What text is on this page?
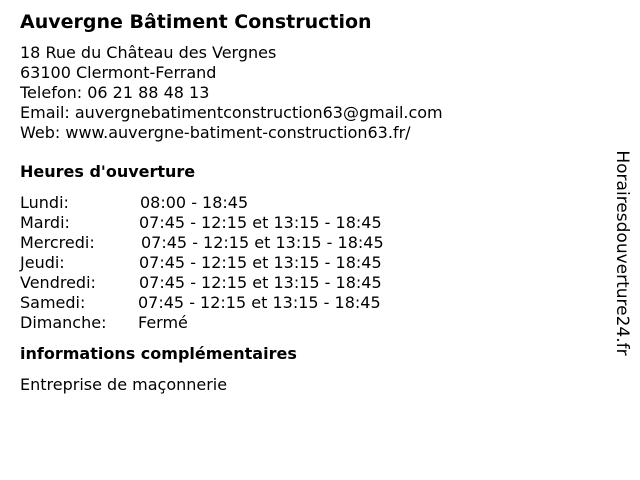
Auvergne Bâtiment Construction
18 Rue du Château des Vergnes
63100 Clermont-Ferrand
Telefon: 06 21 88 48 13
Email: auvergnebatimentconstruction63@gmail.com
Web: www.auvergne-batiment-construction63.fr/
Heures d'ouverture
Lundi:	08:00 - 18:45
Mardi:	07:45 - 12:15 et 13:15 - 18:45
Mercredi:	07:45 - 12:15 et 13:15 - 18:45
Jeudi:	07:45 - 12:15 et 13:15 - 18:45
Vendredi:	07:45 - 12:15 et 13:15 - 18:45
Samedi:	07:45 - 12:15 et 13:15 - 18:45
Dimanche:	Fermé
informations complémentaires
Entreprise de maçonnerie
Horairesdouverture24.fr
